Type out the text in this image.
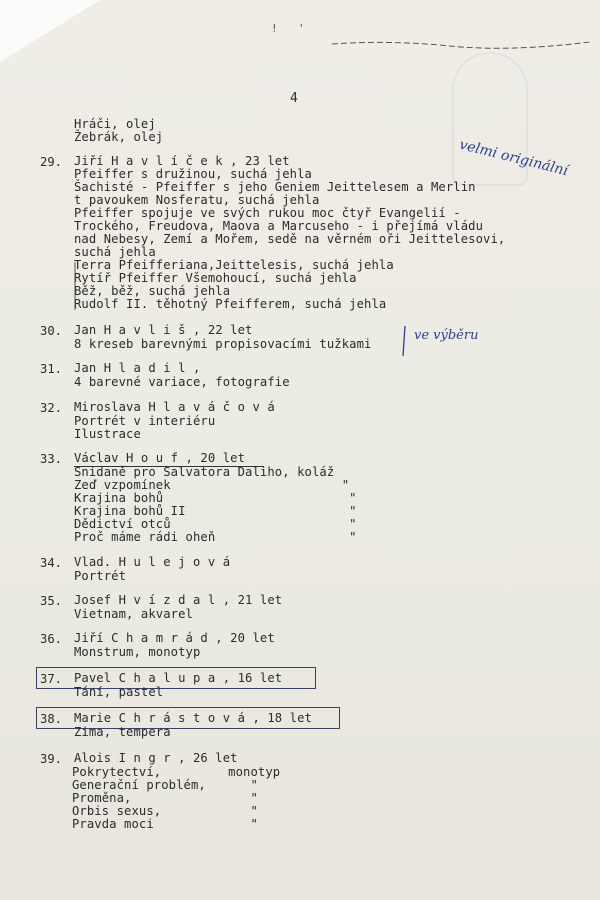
! '
4
Hráči, olej
Žebrák, olej
29. Jiří H a v l í č e k , 23 let
Pfeiffer s družinou, suchá jehla
Šachisté - Pfeiffer s jeho Geniem Jeittelesem a Merlin
t pavoukem Nosferatu, suchá jehla
Pfeiffer spojuje ve svých rukou moc čtyř Evangelií -
Trockého, Freudova, Maova a Marcuseho - i přejímá vládu
nad Nebesy, Zemí a Mořem, sedě na věrném oři Jeittelesovi,
suchá jehla
Terra Pfeifferiana,Jeittelesis, suchá jehla
Rytíř Pfeiffer Všemohoucí, suchá jehla
Běž, běž, suchá jehla
Rudolf II. těhotný Pfeifferem, suchá jehla
velmi originální
30. Jan H a v l i š , 22 let
8 kreseb barevnými propisovacími tužkami
ve výběru
31. Jan H l a d i l ,
4 barevné variace, fotografie
32. Miroslava H l a v á č o v á
Portrét v interiéru
Ilustrace
33. Václav H o u f , 20 let
Snídaně pro Salvatora Daliho, koláž
Zeď vzpomínek                       "
Krajina bohů                         "
Krajina bohů II                      "
Dědictví otců                        "
Proč máme rádi oheň                  "
34. Vlad. H u l e j o v á
Portrét
35. Josef H v í z d a l , 21 let
Vietnam, akvarel
36. Jiří C h a m r á d , 20 let
Monstrum, monotyp
37. Pavel C h a l u p a , 16 let
Tání, pastel
38. Marie C h r á s t o v á , 18 let
Zima, tempera
39. Alois I n g r , 26 let
Pokrytectví,         monotyp
Generační problém,      "
Proměna,                "
Orbis sexus,            "
Pravda moci             "
